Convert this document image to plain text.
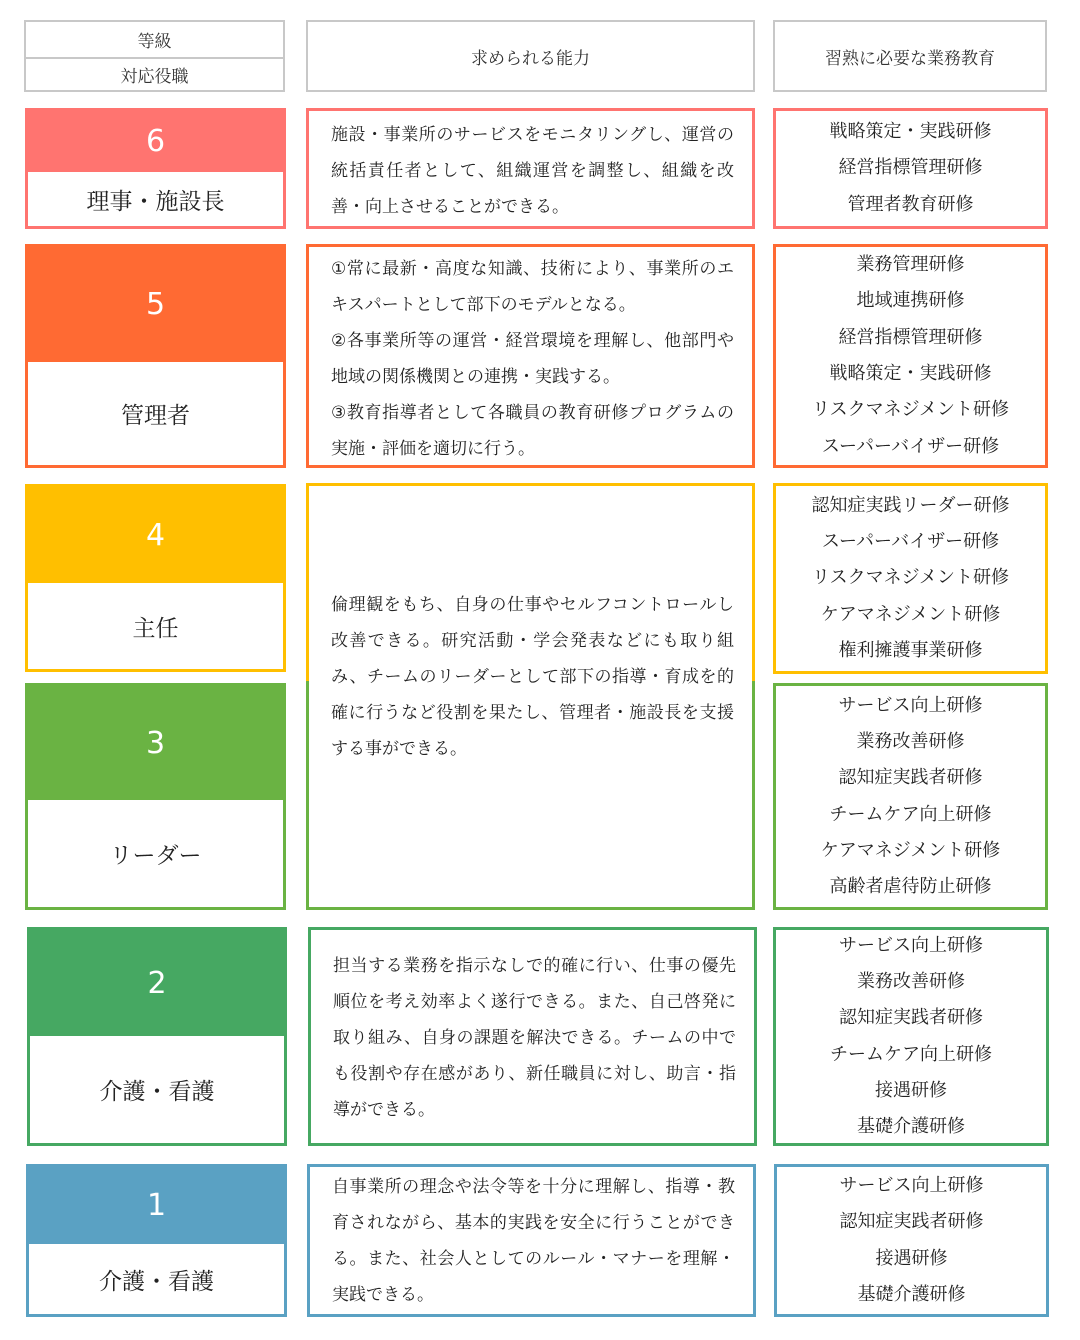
等級
対応役職
求められる能力	習熟に必要な業務教育
6
理事・施設長

施設・事業所のサービスをモニタリングし、運営の統括責任者として、組織運営を調整し、組織を改善・向上させることができる。

戦略策定・実践研修
経営指標管理研修
管理者教育研修
5
管理者

①常に最新・高度な知識、技術により、事業所のエキスパートとして部下のモデルとなる。

②各事業所等の運営・経営環境を理解し、他部門や地域の関係機関との連携・実践する。

③教育指導者として各職員の教育研修プログラムの実施・評価を適切に行う。

業務管理研修
地域連携研修
経営指標管理研修
戦略策定・実践研修
リスクマネジメント研修
スーパーバイザー研修
4
主任
認知症実践リーダー研修
スーパーバイザー研修
リスクマネジメント研修
ケアマネジメント研修
権利擁護事業研修

倫理観をもち、自身の仕事やセルフコントロールし改善できる。研究活動・学会発表などにも取り組み、チームのリーダーとして部下の指導・育成を的確に行うなど役割を果たし、管理者・施設長を支援する事ができる。

3
リーダー
サービス向上研修
業務改善研修
認知症実践者研修
チームケア向上研修
ケアマネジメント研修
高齢者虐待防止研修
2
介護・看護

担当する業務を指示なしで的確に行い、仕事の優先順位を考え効率よく遂行できる。また、自己啓発に取り組み、自身の課題を解決できる。チームの中でも役割や存在感があり、新任職員に対し、助言・指導ができる。

サービス向上研修
業務改善研修
認知症実践者研修
チームケア向上研修
接遇研修
基礎介護研修
1
介護・看護

自事業所の理念や法令等を十分に理解し、指導・教育されながら、基本的実践を安全に行うことができる。また、社会人としてのルール・マナーを理解・実践できる。

サービス向上研修
認知症実践者研修
接遇研修
基礎介護研修
